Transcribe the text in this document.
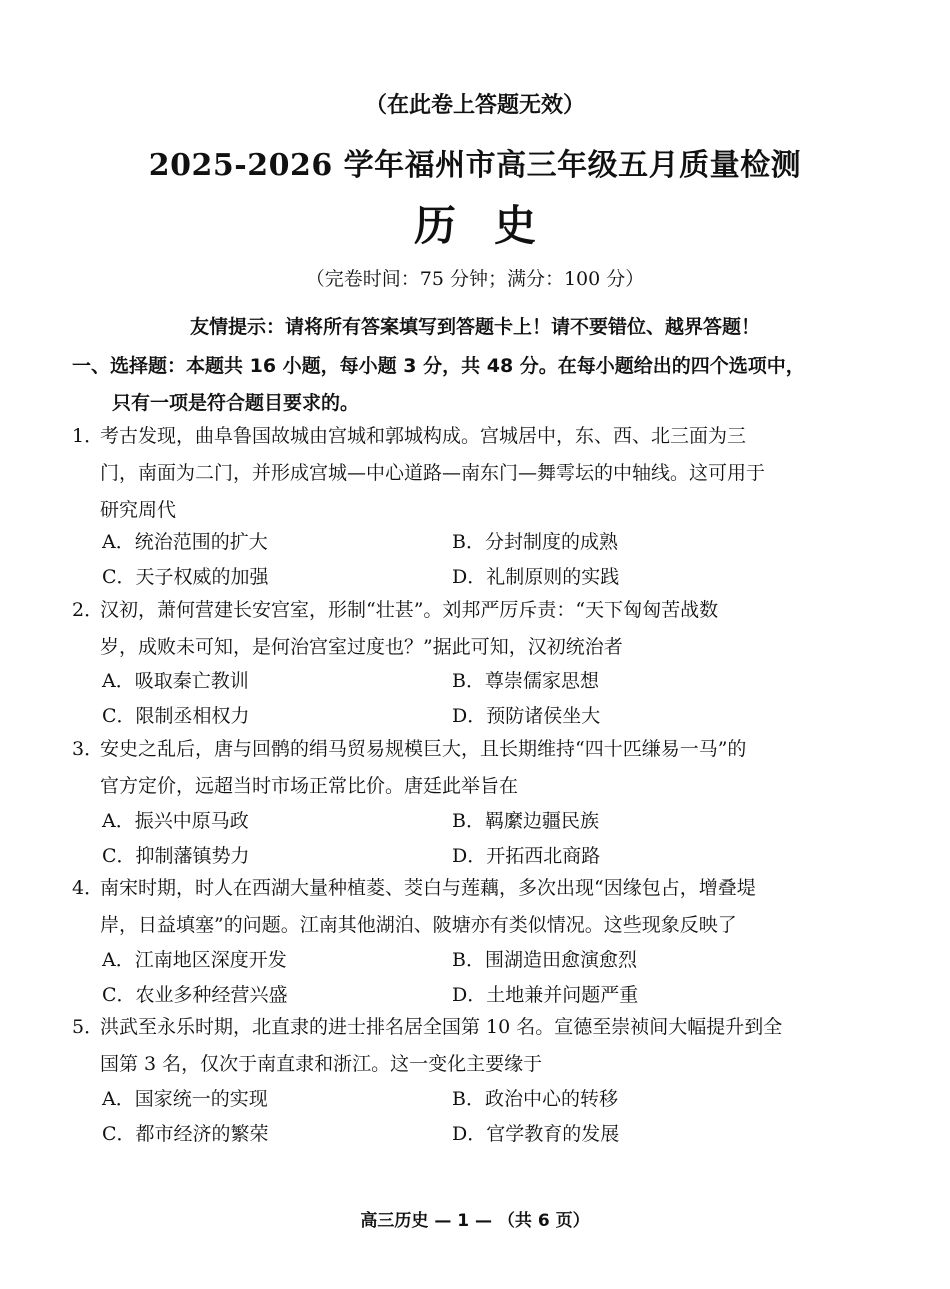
（在此卷上答题无效）
2025-2026 学年福州市高三年级五月质量检测
历史
（完卷时间：75 分钟；满分：100 分）
友情提示：请将所有答案填写到答题卡上！请不要错位、越界答题！
一、选择题：本题共 16 小题，每小题 3 分，共 48 分。在每小题给出的四个选项中，
只有一项是符合题目要求的。
1．考古发现，曲阜鲁国故城由宫城和郭城构成。宫城居中，东、西、北三面为三
门，南面为二门，并形成宫城—中心道路—南东门—舞雩坛的中轴线。这可用于
研究周代
A．统治范围的扩大	B．分封制度的成熟
C．天子权威的加强	D．礼制原则的实践
2．汉初，萧何营建长安宫室，形制“壮甚”。刘邦严厉斥责：“天下匈匈苦战数
岁，成败未可知，是何治宫室过度也？”据此可知，汉初统治者
A．吸取秦亡教训	B．尊崇儒家思想
C．限制丞相权力	D．预防诸侯坐大
3．安史之乱后，唐与回鹘的绢马贸易规模巨大，且长期维持“四十匹缣易一马”的
官方定价，远超当时市场正常比价。唐廷此举旨在
A．振兴中原马政	B．羁縻边疆民族
C．抑制藩镇势力	D．开拓西北商路
4．南宋时期，时人在西湖大量种植菱、茭白与莲藕，多次出现“因缘包占，增叠堤
岸，日益填塞”的问题。江南其他湖泊、陂塘亦有类似情况。这些现象反映了
A．江南地区深度开发	B．围湖造田愈演愈烈
C．农业多种经营兴盛	D．土地兼并问题严重
5．洪武至永乐时期，北直隶的进士排名居全国第 10 名。宣德至崇祯间大幅提升到全
国第 3 名，仅次于南直隶和浙江。这一变化主要缘于
A．国家统一的实现	B．政治中心的转移
C．都市经济的繁荣	D．官学教育的发展
高三历史 — 1 — （共 6 页）
